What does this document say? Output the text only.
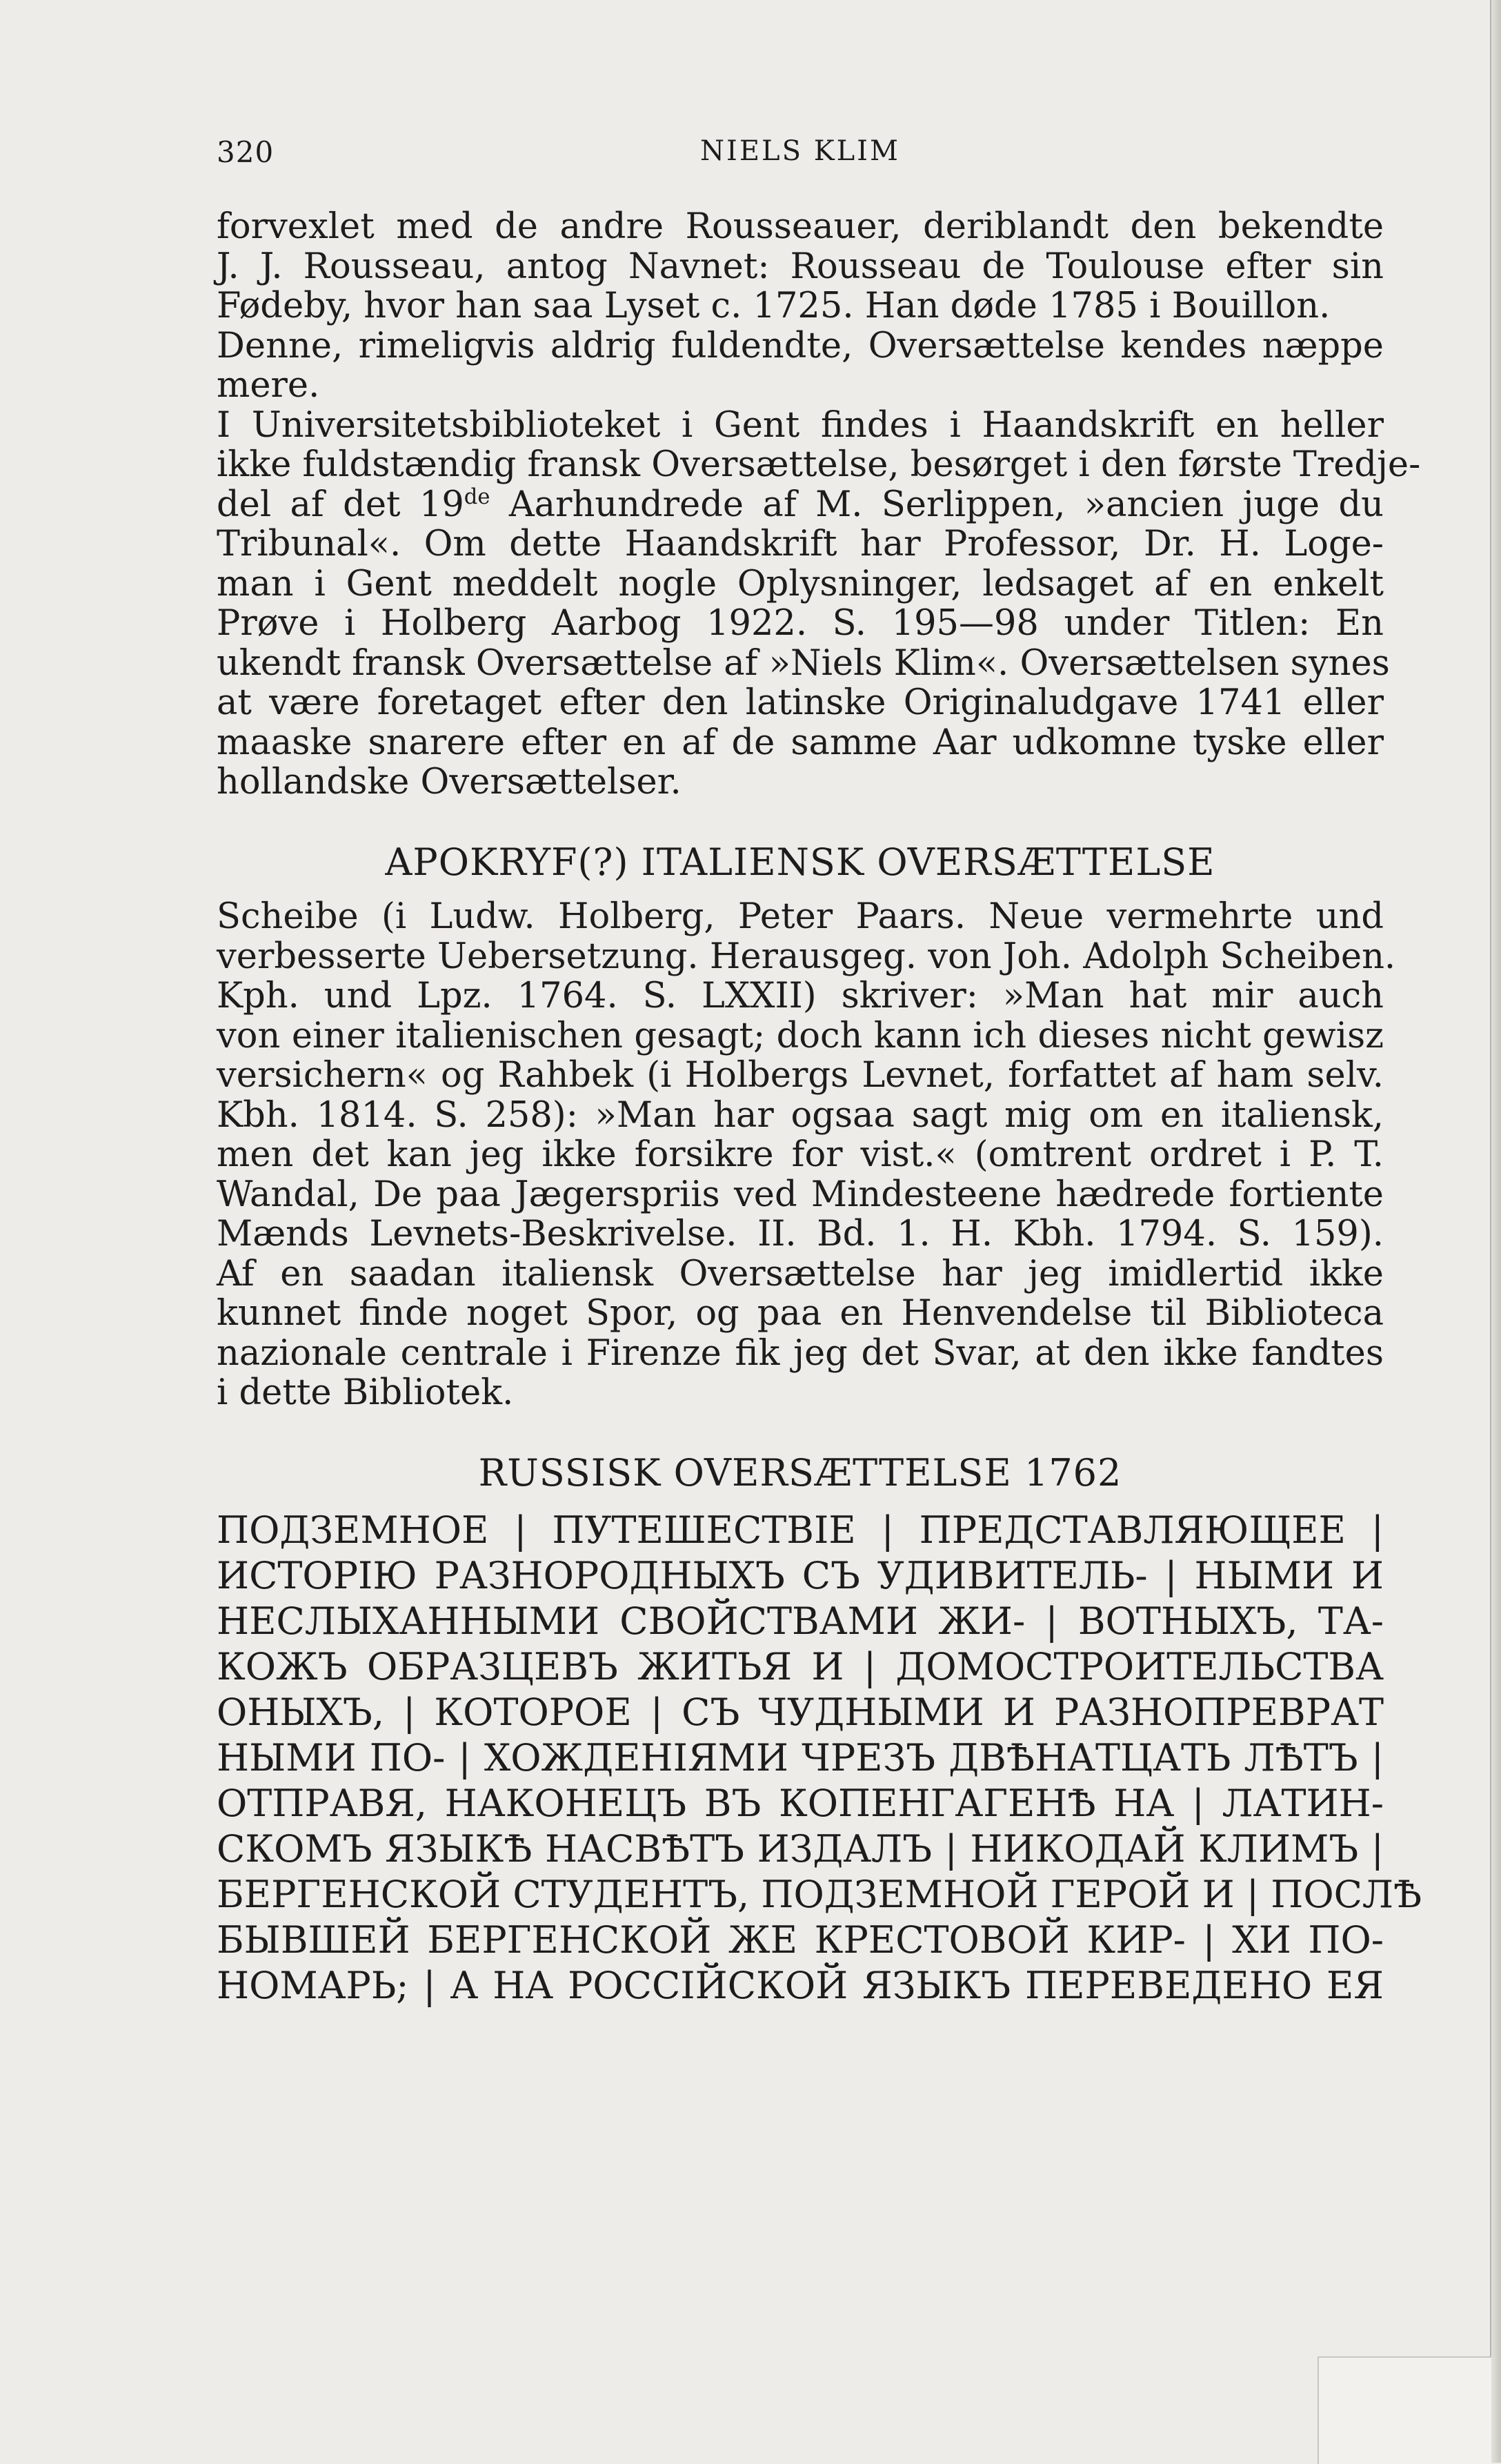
320	NIELS KLIM
forvexlet med de andre Rousseauer, deriblandt den bekendte
J. J. Rousseau, antog Navnet: Rousseau de Toulouse efter sin
Fødeby, hvor han saa Lyset c. 1725. Han døde 1785 i Bouillon.
Denne, rimeligvis aldrig fuldendte, Oversættelse kendes næppe
mere.
I Universitetsbiblioteket i Gent findes i Haandskrift en heller
ikke fuldstændig fransk Oversættelse, besørget i den første Tredje-
del af det 19de Aarhundrede af M. Serlippen, »ancien juge du
Tribunal«. Om dette Haandskrift har Professor, Dr. H. Loge-
man i Gent meddelt nogle Oplysninger, ledsaget af en enkelt
Prøve i Holberg Aarbog 1922. S. 195—98 under Titlen: En
ukendt fransk Oversættelse af »Niels Klim«. Oversættelsen synes
at være foretaget efter den latinske Originaludgave 1741 eller
maaske snarere efter en af de samme Aar udkomne tyske eller
hollandske Oversættelser.
APOKRYF(?) ITALIENSK OVERSÆTTELSE
Scheibe (i Ludw. Holberg, Peter Paars. Neue vermehrte und
verbesserte Uebersetzung. Herausgeg. von Joh. Adolph Scheiben.
Kph. und Lpz. 1764. S. LXXII) skriver: »Man hat mir auch
von einer italienischen gesagt; doch kann ich dieses nicht gewisz
versichern« og Rahbek (i Holbergs Levnet, forfattet af ham selv.
Kbh. 1814. S. 258): »Man har ogsaa sagt mig om en italiensk,
men det kan jeg ikke forsikre for vist.« (omtrent ordret i P. T.
Wandal, De paa Jægerspriis ved Mindesteene hædrede fortiente
Mænds Levnets-Beskrivelse. II. Bd. 1. H. Kbh. 1794. S. 159).
Af en saadan italiensk Oversættelse har jeg imidlertid ikke
kunnet finde noget Spor, og paa en Henvendelse til Biblioteca
nazionale centrale i Firenze fik jeg det Svar, at den ikke fandtes
i dette Bibliotek.
RUSSISK OVERSÆTTELSE 1762
ПОДЗЕМНОЕ | ПУТЕШЕСТВІЕ | ПРЕДСТАВЛЯЮЩЕЕ |
ИСТОРІЮ РАЗНОРОДНЫХЪ СЪ УДИВИТЕЛЬ- | НЫМИ И
НЕСЛЫХАННЫМИ СВОЙСТВАМИ ЖИ- | ВОТНЫХЪ, ТА-
КОЖЪ ОБРАЗЦЕВЪ ЖИТЬЯ И | ДОМОСТРОИТЕЛЬСТВА
ОНЫХЪ, | КОТОРОЕ | СЪ ЧУДНЫМИ И РАЗНОПРЕВРАТ
НЫМИ ПО- | ХОЖДЕНІЯМИ ЧРЕЗЪ ДВѢНАТЦАТЬ ЛѢТЪ |
ОТПРАВЯ, НАКОНЕЦЪ ВЪ КОПЕНГАГЕНѢ НА | ЛАТИН-
СКОМЪ ЯЗЫКѢ НАСВѢТЪ ИЗДАЛЪ | НИКОДАЙ КЛИМЪ |
БЕРГЕНСКОЙ СТУДЕНТЪ, ПОДЗЕМНОЙ ГЕРОЙ И | ПОСЛѢ
БЫВШЕЙ БЕРГЕНСКОЙ ЖЕ КРЕСТОВОЙ КИР- | ХИ ПО-
НОМАРЬ; | А НА РОССІЙСКОЙ ЯЗЫКЪ ПЕРЕВЕДЕНО ЕЯ
